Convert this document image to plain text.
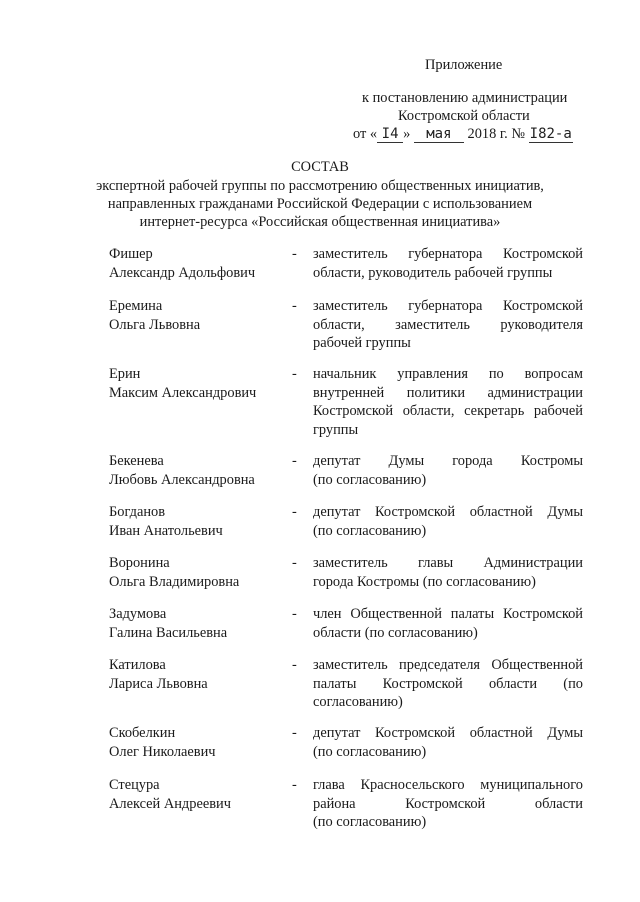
Приложение
к постановлению администрации
Костромской области
от « I4 » мая 2018 г. № I82-а
СОСТАВ
экспертной рабочей группы по рассмотрению общественных инициатив,
направленных гражданами Российской Федерации с использованием
интернет-ресурса «Российская общественная инициатива»
Фишер
Александр Адольфович
- заместитель губернатора Костромской
области, руководитель рабочей группы
Еремина
Ольга Львовна
- заместитель губернатора Костромской
области, заместитель руководителя
рабочей группы
Ерин
Максим Александрович
- начальник управления по вопросам
внутренней политики администрации
Костромской области, секретарь рабочей
группы
Бекенева
Любовь Александровна
- депутат Думы города Костромы
(по согласованию)
Богданов
Иван Анатольевич
- депутат Костромской областной Думы
(по согласованию)
Воронина
Ольга Владимировна
- заместитель главы Администрации
города Костромы (по согласованию)
Задумова
Галина Васильевна
- член Общественной палаты Костромской
области (по согласованию)
Катилова
Лариса Львовна
- заместитель председателя Общественной
палаты Костромской области (по
согласованию)
Скобелкин
Олег Николаевич
- депутат Костромской областной Думы
(по согласованию)
Стецура
Алексей Андреевич
- глава Красносельского муниципального
района Костромской области
(по согласованию)
